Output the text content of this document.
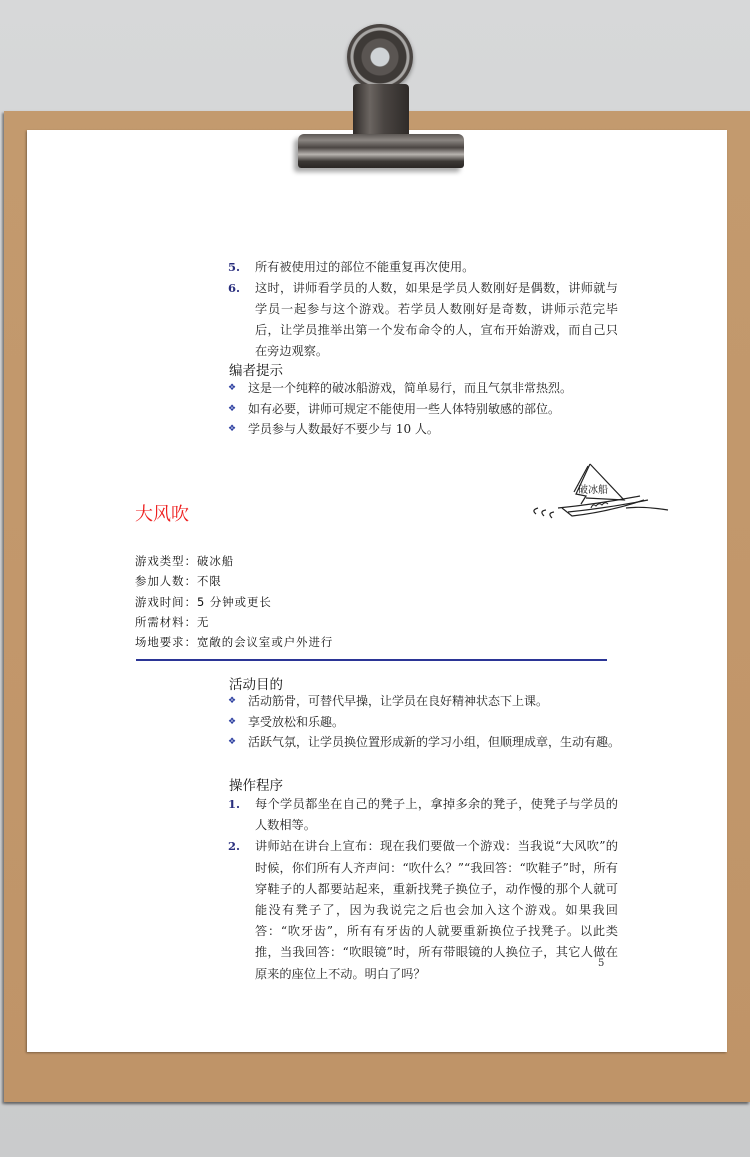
5.	所有被使用过的部位不能重复再次使用。
6.	这时，讲师看学员的人数，如果是学员人数刚好是偶数，讲师就与学员一起参与这个游戏。若学员人数刚好是奇数，讲师示范完毕后，让学员推举出第一个发布命令的人，宣布开始游戏，而自己只在旁边观察。
编者提示
❖ 这是一个纯粹的破冰船游戏，简单易行，而且气氛非常热烈。
❖ 如有必要，讲师可规定不能使用一些人体特别敏感的部位。
❖ 学员参与人数最好不要少与 10 人。
破冰船
大风吹
游戏类型：破冰船
参加人数：不限
游戏时间：5 分钟或更长
所需材料：无
场地要求：宽敞的会议室或户外进行
活动目的
❖ 活动筋骨，可替代早操，让学员在良好精神状态下上课。
❖ 享受放松和乐趣。
❖ 活跃气氛，让学员换位置形成新的学习小组，但顺理成章，生动有趣。
操作程序
1.	每个学员都坐在自己的凳子上，拿掉多余的凳子，使凳子与学员的人数相等。
2.	讲师站在讲台上宣布：现在我们要做一个游戏：当我说“大风吹”的时候，你们所有人齐声问：“吹什么？”“我回答：“吹鞋子”时，所有穿鞋子的人都要站起来，重新找凳子换位子，动作慢的那个人就可能没有凳子了，因为我说完之后也会加入这个游戏。如果我回答：“吹牙齿”，所有有牙齿的人就要重新换位子找凳子。以此类推，当我回答：“吹眼镜”时，所有带眼镜的人换位子，其它人做在原来的座位上不动。明白了吗？
5
